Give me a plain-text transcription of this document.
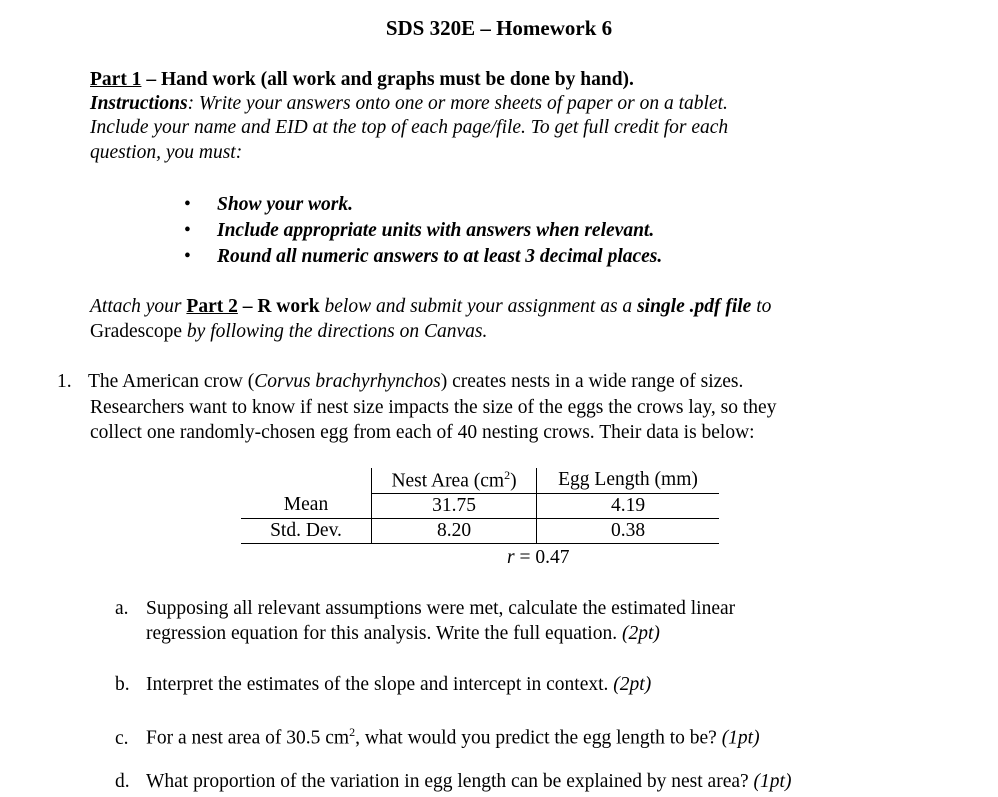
SDS 320E – Homework 6
Part 1 – Hand work (all work and graphs must be done by hand).
Instructions: Write your answers onto one or more sheets of paper or on a tablet.
Include your name and EID at the top of each page/file. To get full credit for each
question, you must:
• Show your work.
• Include appropriate units with answers when relevant.
• Round all numeric answers to at least 3 decimal places.
Attach your Part 2 – R work below and submit your assignment as a single .pdf file to
Gradescope by following the directions on Canvas.
1. The American crow (Corvus brachyrhynchos) creates nests in a wide range of sizes.
Researchers want to know if nest size impacts the size of the eggs the crows lay, so they
collect one randomly-chosen egg from each of 40 nesting crows. Their data is below:
	Nest Area $(cm^2)$	Egg Length (mm)
Mean	31.75	4.19
Std. Dev.	8.20	0.38
r = 0.47
a. Supposing all relevant assumptions were met, calculate the estimated linear
regression equation for this analysis. Write the full equation. (2pt)
b. Interpret the estimates of the slope and intercept in context. (2pt)
c. For a nest area of 30.5 $cm^2$, what would you predict the egg length to be? (1pt)
d. What proportion of the variation in egg length can be explained by nest area? (1pt)
